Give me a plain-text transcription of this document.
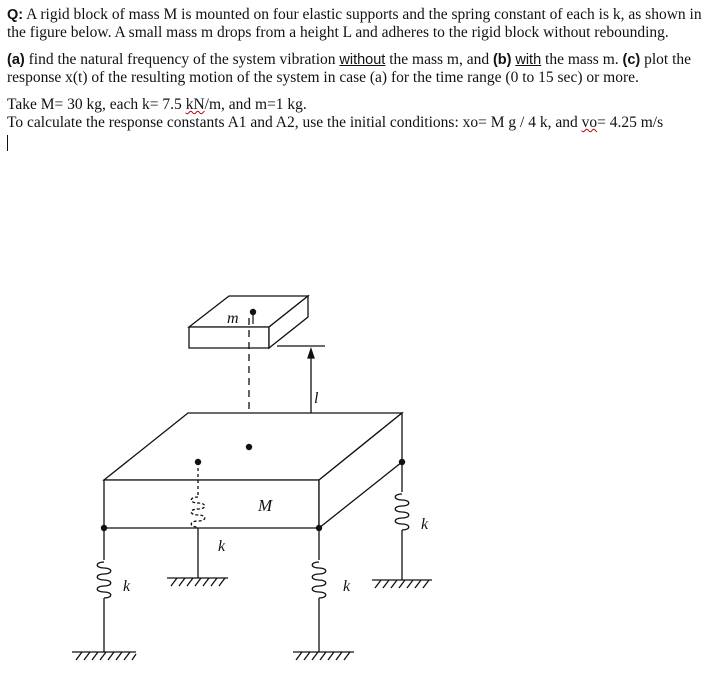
Q: A rigid block of mass M is mounted on four elastic supports and the spring constant of each is k, as shown in the figure below. A small mass m drops from a height L and adheres to the rigid block without rebounding.

(a) find the natural frequency of the system vibration without the mass m, and (b) with the mass m. (c) plot the response x(t) of the resulting motion of the system in case (a) for the time range (0 to 15 sec) or more.

Take M= 30 kg, each k= 7.5 kN/m, and m=1 kg.

To calculate the response constants A1 and A2, use the initial conditions: xo= M g / 4 k, and vo= 4.25 m/s

m
l
M
k
k
k	k
